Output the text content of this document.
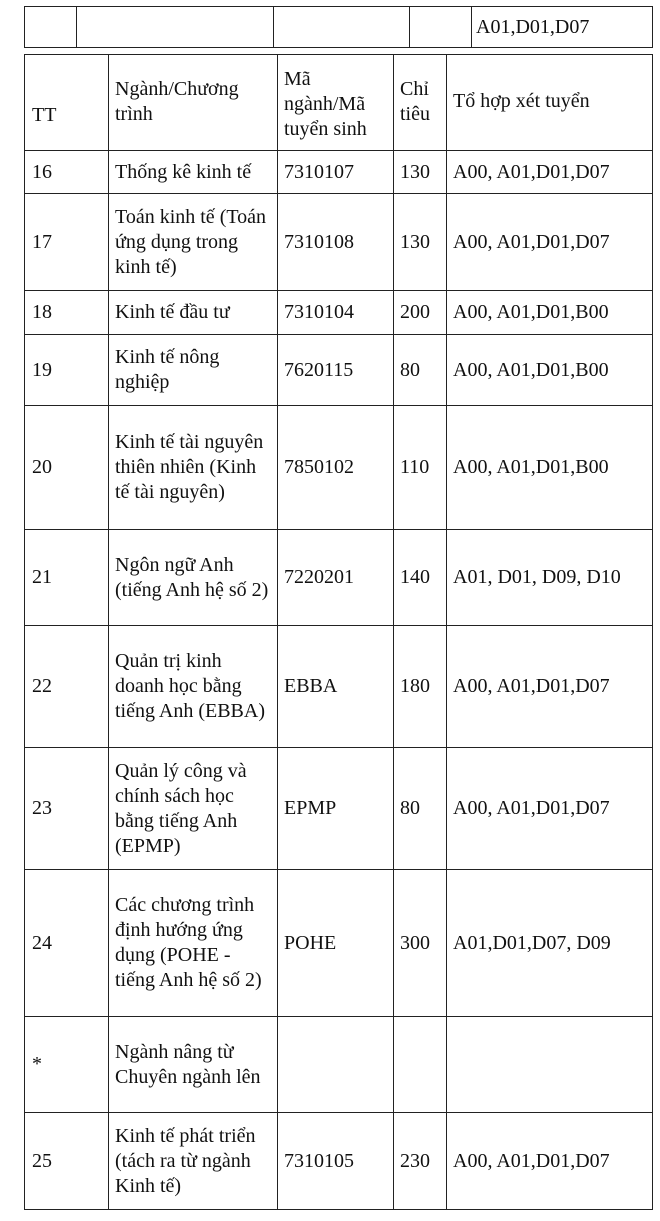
				A01,D01,D07
TT	Ngành/Chương trình	Mã ngành/Mã tuyển sinh	Chỉ tiêu	Tổ hợp xét tuyển
16	Thống kê kinh tế	7310107	130	A00, A01,D01,D07
17	Toán kinh tế (Toán ứng dụng trong kinh tế)	7310108	130	A00, A01,D01,D07
18	Kinh tế đầu tư	7310104	200	A00, A01,D01,B00
19	Kinh tế nông nghiệp	7620115	80	A00, A01,D01,B00
20	Kinh tế tài nguyên thiên nhiên (Kinh tế tài nguyên)	7850102	110	A00, A01,D01,B00
21	Ngôn ngữ Anh (tiếng Anh hệ số 2)	7220201	140	A01, D01, D09, D10
22	Quản trị kinh doanh học bằng tiếng Anh (EBBA)	EBBA	180	A00, A01,D01,D07
23	Quản lý công và chính sách học bằng tiếng Anh (EPMP)	EPMP	80	A00, A01,D01,D07
24	Các chương trình định hướng ứng dụng (POHE - tiếng Anh hệ số 2)	POHE	300	A01,D01,D07, D09
*	Ngành nâng từ Chuyên ngành lên			
25	Kinh tế phát triển (tách ra từ ngành Kinh tế)	7310105	230	A00, A01,D01,D07
